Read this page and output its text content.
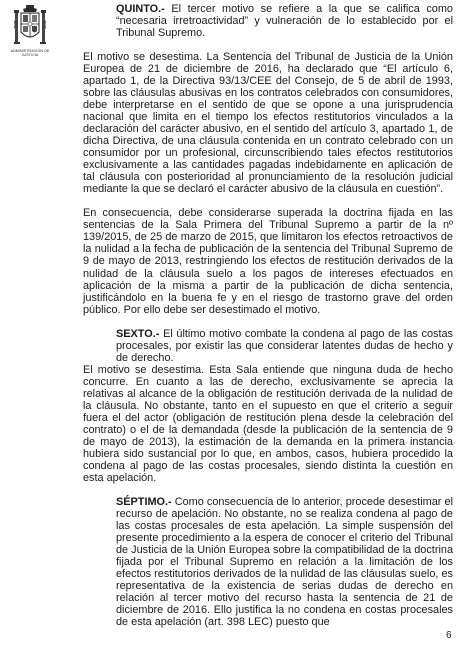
ADMINISTRACIÓN DE JUSTICIA

QUINTO.- El tercer motivo se refiere a la que se califica como “necesaria irretroactividad” y vulneración de lo establecido por el Tribunal Supremo.

El motivo se desestima. La Sentencia del Tribunal de Justicia de la Unión Europea de 21 de diciembre de 2016, ha declarado que “El artículo 6, apartado 1, de la Directiva 93/13/CEE del Consejo, de 5 de abril de 1993, sobre las cláusulas abusivas en los contratos celebrados con consumidores, debe interpretarse en el sentido de que se opone a una jurisprudencia nacional que limita en el tiempo los efectos restitutorios vinculados a la declaración del carácter abusivo, en el sentido del artículo 3, apartado 1, de dicha Directiva, de una cláusula contenida en un contrato celebrado con un consumidor por un profesional, circunscribiendo tales efectos restitutorios exclusivamente a las cantidades pagadas indebidamente en aplicación de tal cláusula con posterioridad al pronunciamiento de la resolución judicial mediante la que se declaró el carácter abusivo de la cláusula en cuestión”.

En consecuencia, debe considerarse superada la doctrina fijada en las sentencias de la Sala Primera del Tribunal Supremo a partir de la nº 139/2015, de 25 de marzo de 2015, que limitaron los efectos retroactivos de la nulidad a la fecha de publicación de la sentencia del Tribunal Supremo de 9 de mayo de 2013, restringiendo los efectos de restitución derivados de la nulidad de la cláusula suelo a los pagos de intereses efectuados en aplicación de la misma a partir de la publicación de dicha sentencia, justificándolo en la buena fe y en el riesgo de trastorno grave del orden público. Por ello debe ser desestimado el motivo.

SEXTO.- El último motivo combate la condena al pago de las costas procesales, por existir las que considerar latentes dudas de hecho y de derecho.

El motivo se desestima. Esta Sala entiende que ninguna duda de hecho concurre. En cuanto a las de derecho, exclusivamente se aprecia la relativas al alcance de la obligación de restitución derivada de la nulidad de la cláusula. No obstante, tanto en el supuesto en que el criterio a seguir fuera el del actor (obligación de restitución plena desde la celebración del contrato) o el de la demandada (desde la publicación de la sentencia de 9 de mayo de 2013), la estimación de la demanda en la primera instancia hubiera sido sustancial por lo que, en ambos, casos, hubiera procedido la condena al pago de las costas procesales, siendo distinta la cuestión en esta apelación.

SÉPTIMO.- Como consecuencia de lo anterior, procede desestimar el recurso de apelación. No obstante, no se realiza condena al pago de las costas procesales de esta apelación. La simple suspensión del presente procedimiento a la espera de conocer el criterio del Tribunal de Justicia de la Unión Europea sobre la compatibilidad de la doctrina fijada por el Tribunal Supremo en relación a la limitación de los efectos restitutorios derivados de la nulidad de las cláusulas suelo, es representativa de la existencia de serias dudas de derecho en relación al tercer motivo del recurso hasta la sentencia de 21 de diciembre de 2016. Ello justifica la no condena en costas procesales de esta apelación (art. 398 LEC) puesto que

6
